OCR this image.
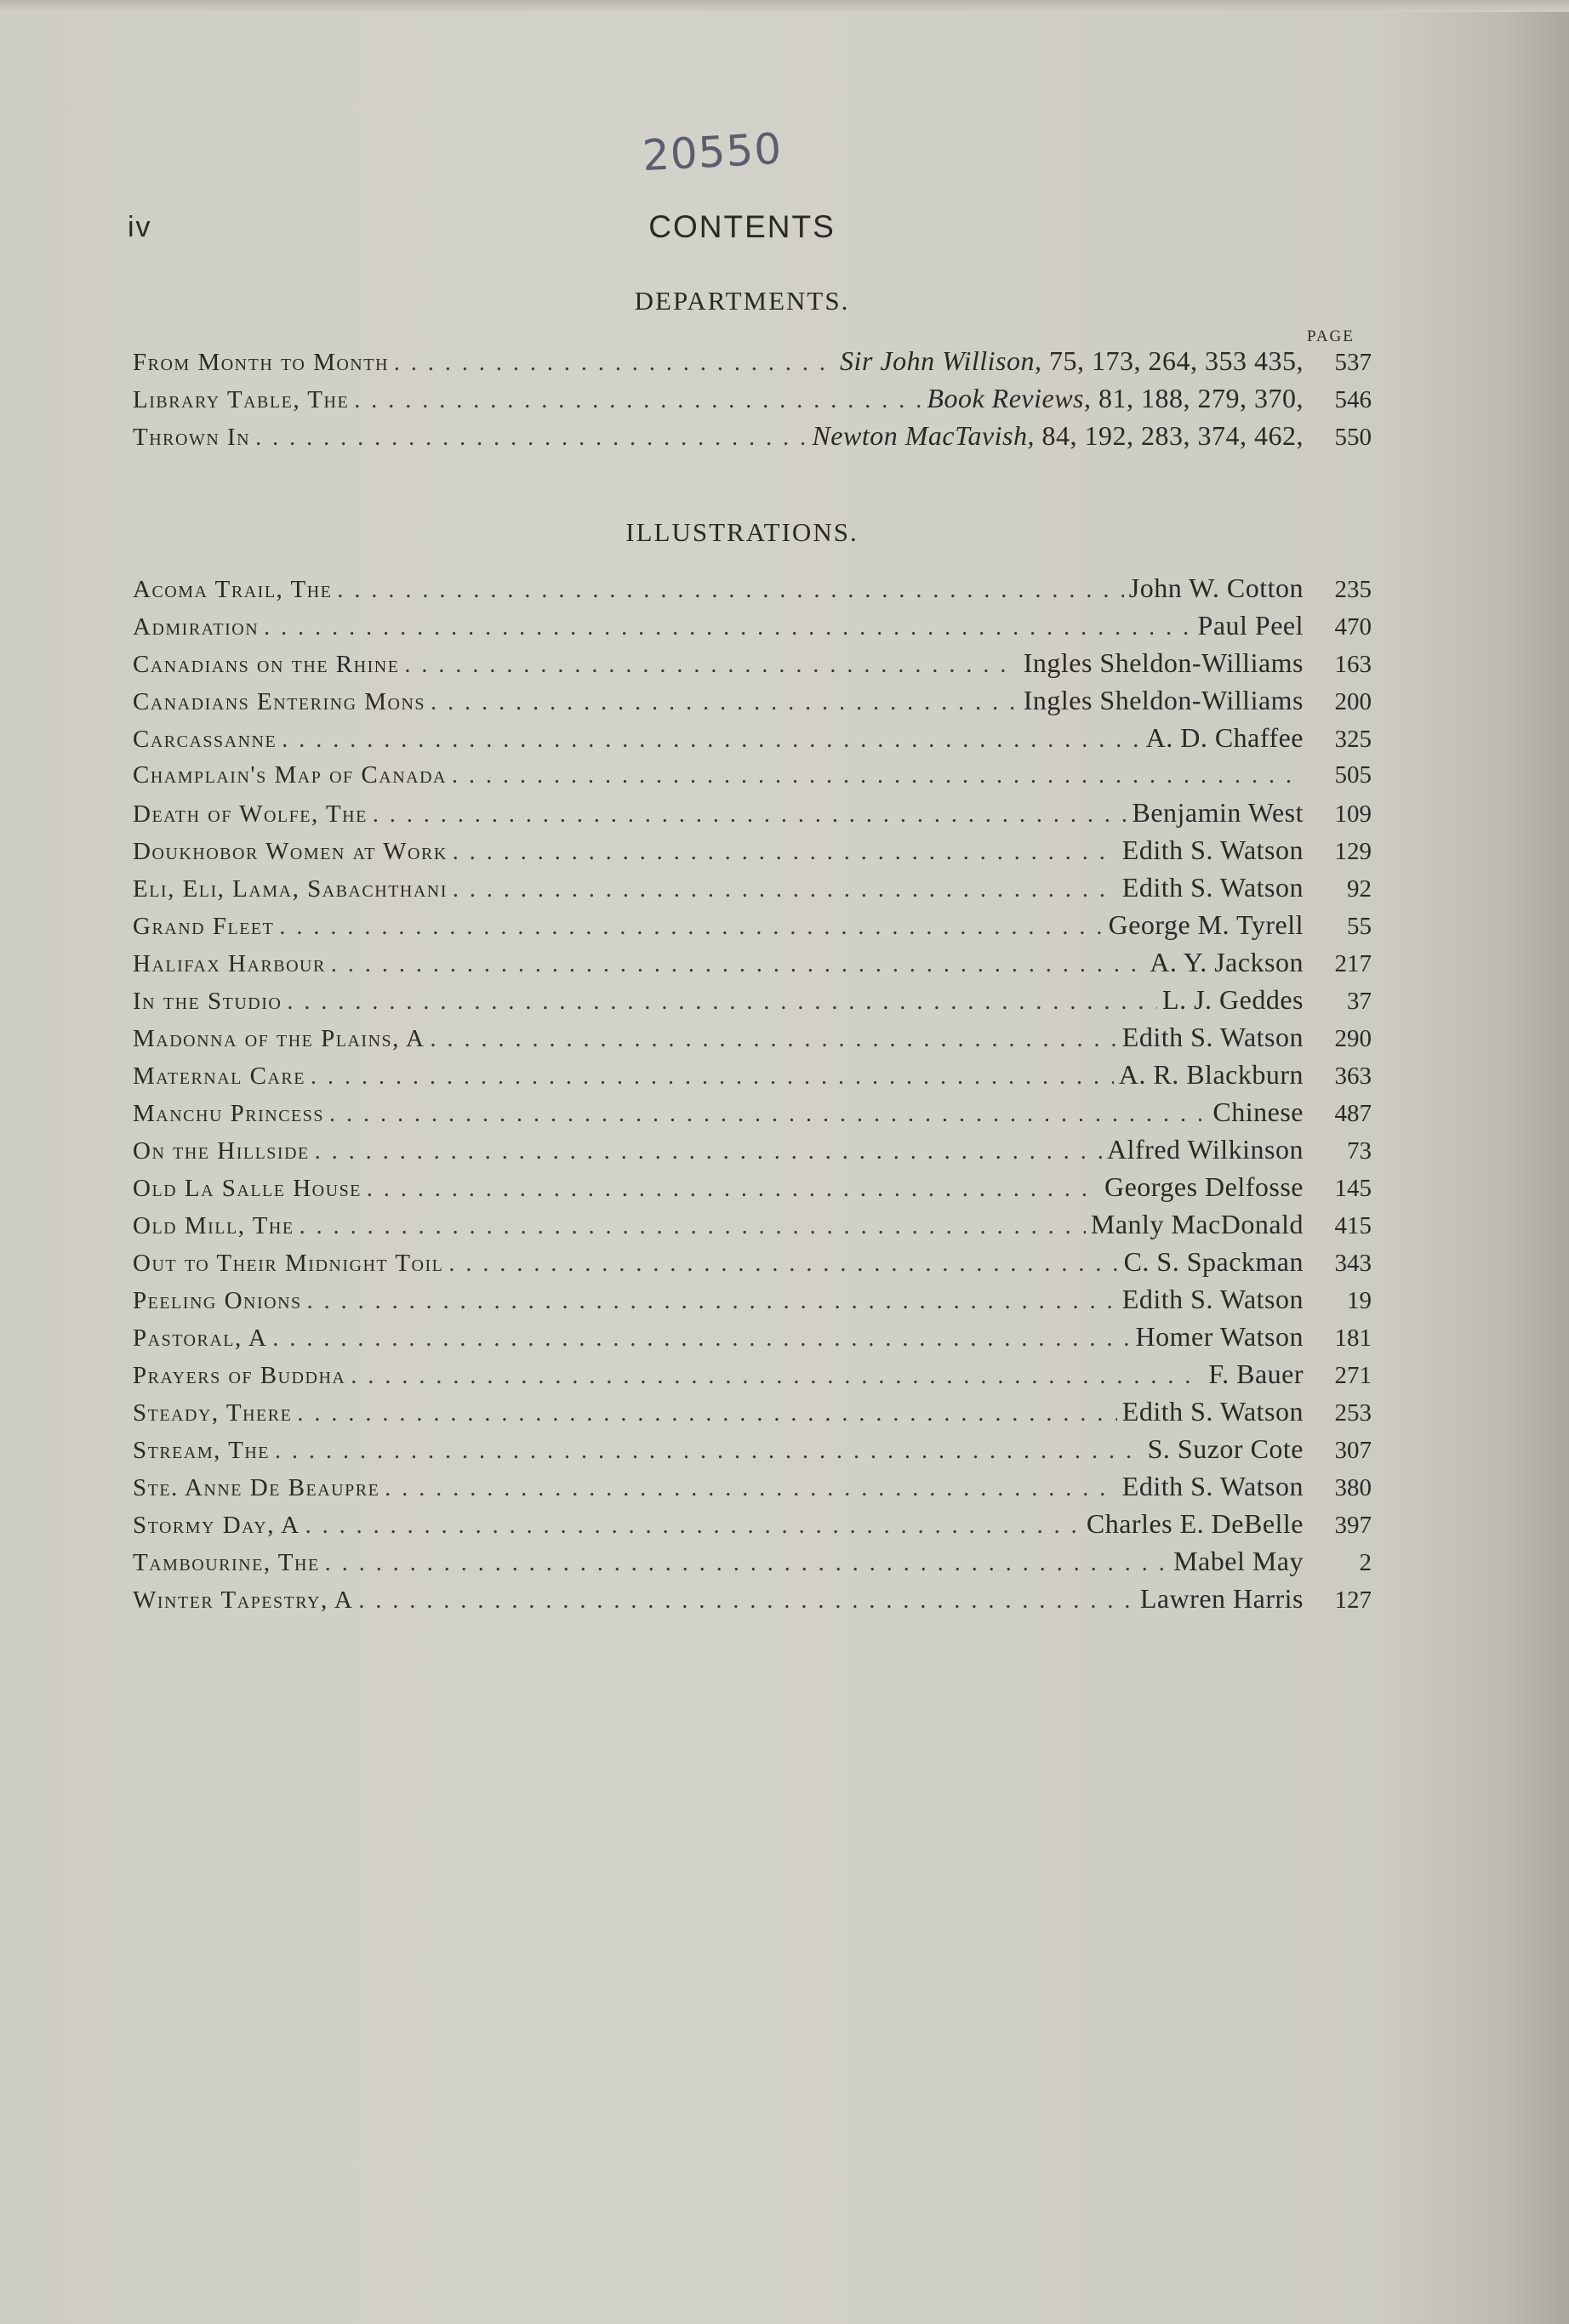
20550
iv	CONTENTS
DEPARTMENTS.
PAGE
From Month to Month . . .	Sir John Willison, 75, 173, 264, 353 435,	537
Library Table, The . . .	Book Reviews, 81, 188, 279, 370,	546
Thrown In . . .	Newton MacTavish, 84, 192, 283, 374, 462,	550
ILLUSTRATIONS.
Acoma Trail, The . . .	John W. Cotton	235
Admiration . . .	Paul Peel	470
Canadians on the Rhine . . .	Ingles Sheldon-Williams	163
Canadians Entering Mons . . .	Ingles Sheldon-Williams	200
Carcassanne . . .	A. D. Chaffee	325
Champlain's Map of Canada . . .	505
Death of Wolfe, The . . .	Benjamin West	109
Doukhobor Women at Work . . .	Edith S. Watson	129
Eli, Eli, Lama, Sabachthani . . .	Edith S. Watson	92
Grand Fleet . . .	George M. Tyrell	55
Halifax Harbour . . .	A. Y. Jackson	217
In the Studio . . .	L. J. Geddes	37
Madonna of the Plains, A . . .	Edith S. Watson	290
Maternal Care . . .	A. R. Blackburn	363
Manchu Princess . . .	Chinese	487
On the Hillside . . .	Alfred Wilkinson	73
Old La Salle House . . .	Georges Delfosse	145
Old Mill, The . . .	Manly MacDonald	415
Out to Their Midnight Toil . . .	C. S. Spackman	343
Peeling Onions . . .	Edith S. Watson	19
Pastoral, A . . .	Homer Watson	181
Prayers of Buddha . . .	F. Bauer	271
Steady, There . . .	Edith S. Watson	253
Stream, The . . .	S. Suzor Cote	307
Ste. Anne De Beaupre . . .	Edith S. Watson	380
Stormy Day, A . . .	Charles E. DeBelle	397
Tambourine, The . . .	Mabel May	2
Winter Tapestry, A . . .	Lawren Harris	127
